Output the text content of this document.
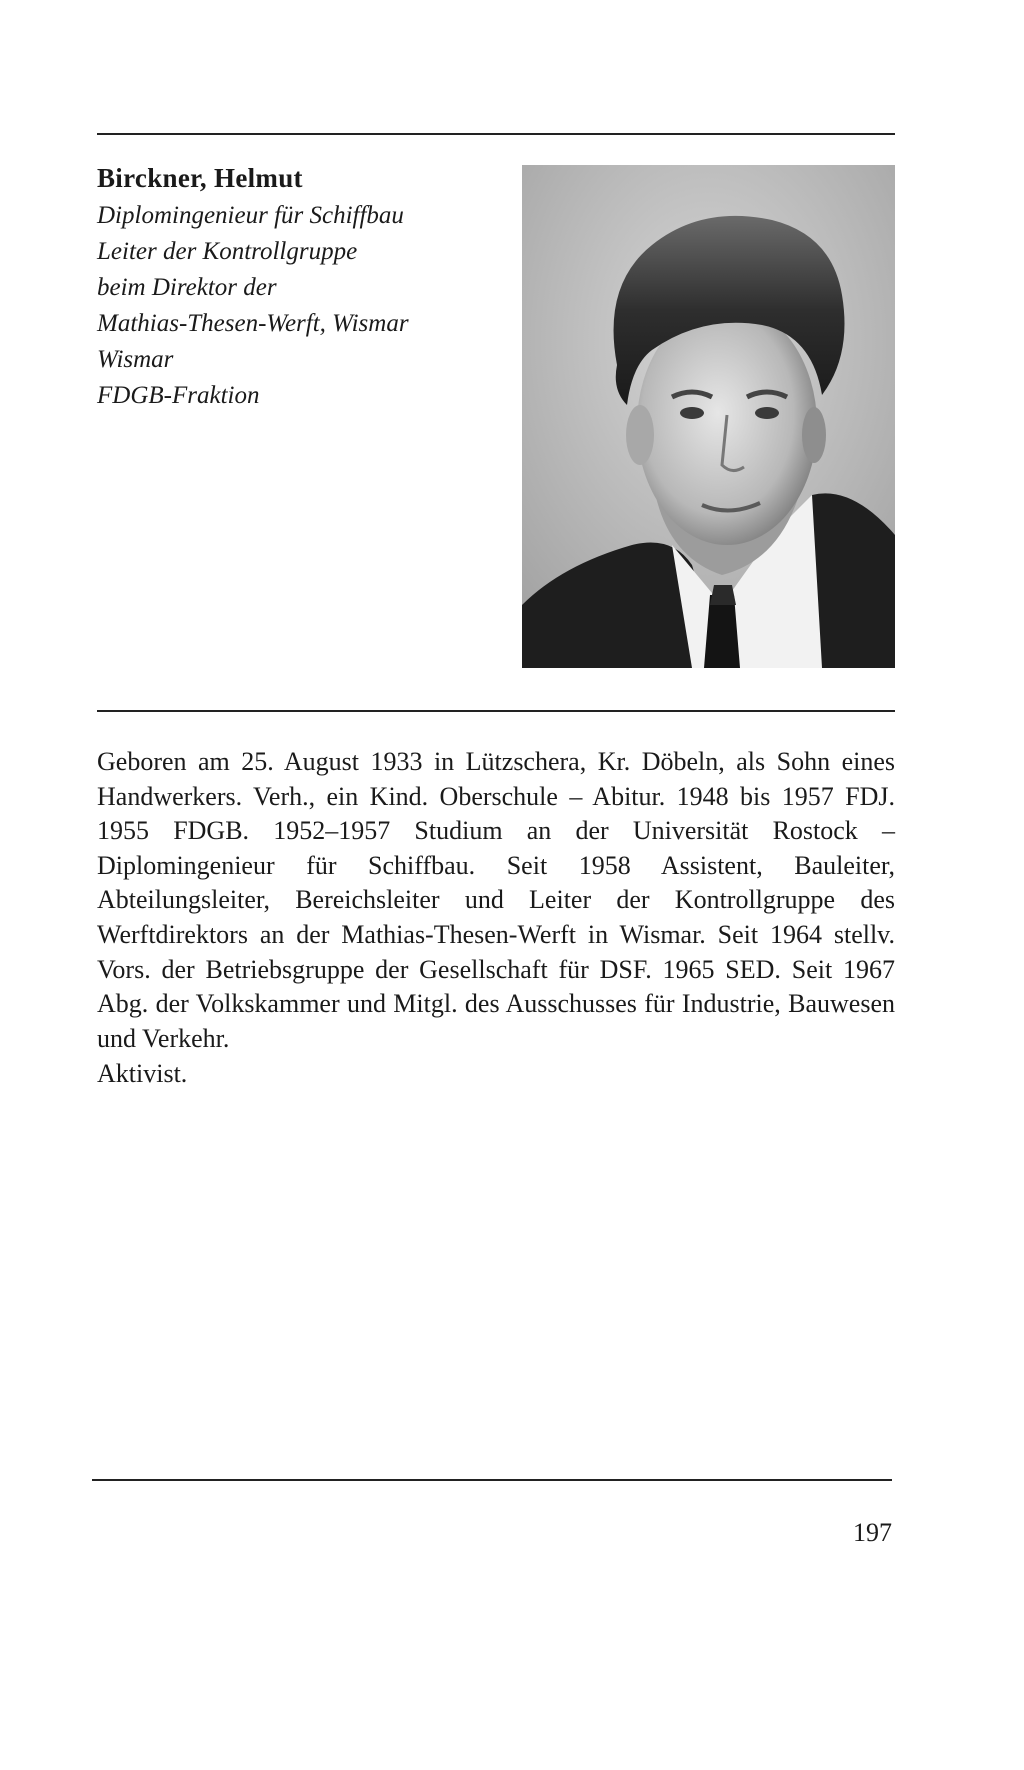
Birckner, Helmut

Diplomingenieur für Schiffbau

Leiter der Kontrollgruppe

beim Direktor der

Mathias-Thesen-Werft, Wismar

Wismar

FDGB-Fraktion

Geboren am 25. August 1933 in Lützschera, Kr. Döbeln, als Sohn eines Handwerkers. Verh., ein Kind. Oberschule – Abitur. 1948 bis 1957 FDJ. 1955 FDGB. 1952–1957 Studium an der Universität Rostock – Diplomingenieur für Schiffbau. Seit 1958 Assistent, Bauleiter, Abteilungsleiter, Bereichsleiter und Leiter der Kontrollgruppe des Werftdirektors an der Mathias-Thesen-Werft in Wismar. Seit 1964 stellv. Vors. der Betriebsgruppe der Gesellschaft für DSF. 1965 SED. Seit 1967 Abg. der Volkskammer und Mitgl. des Ausschusses für Industrie, Bauwesen und Verkehr.

Aktivist.

197
